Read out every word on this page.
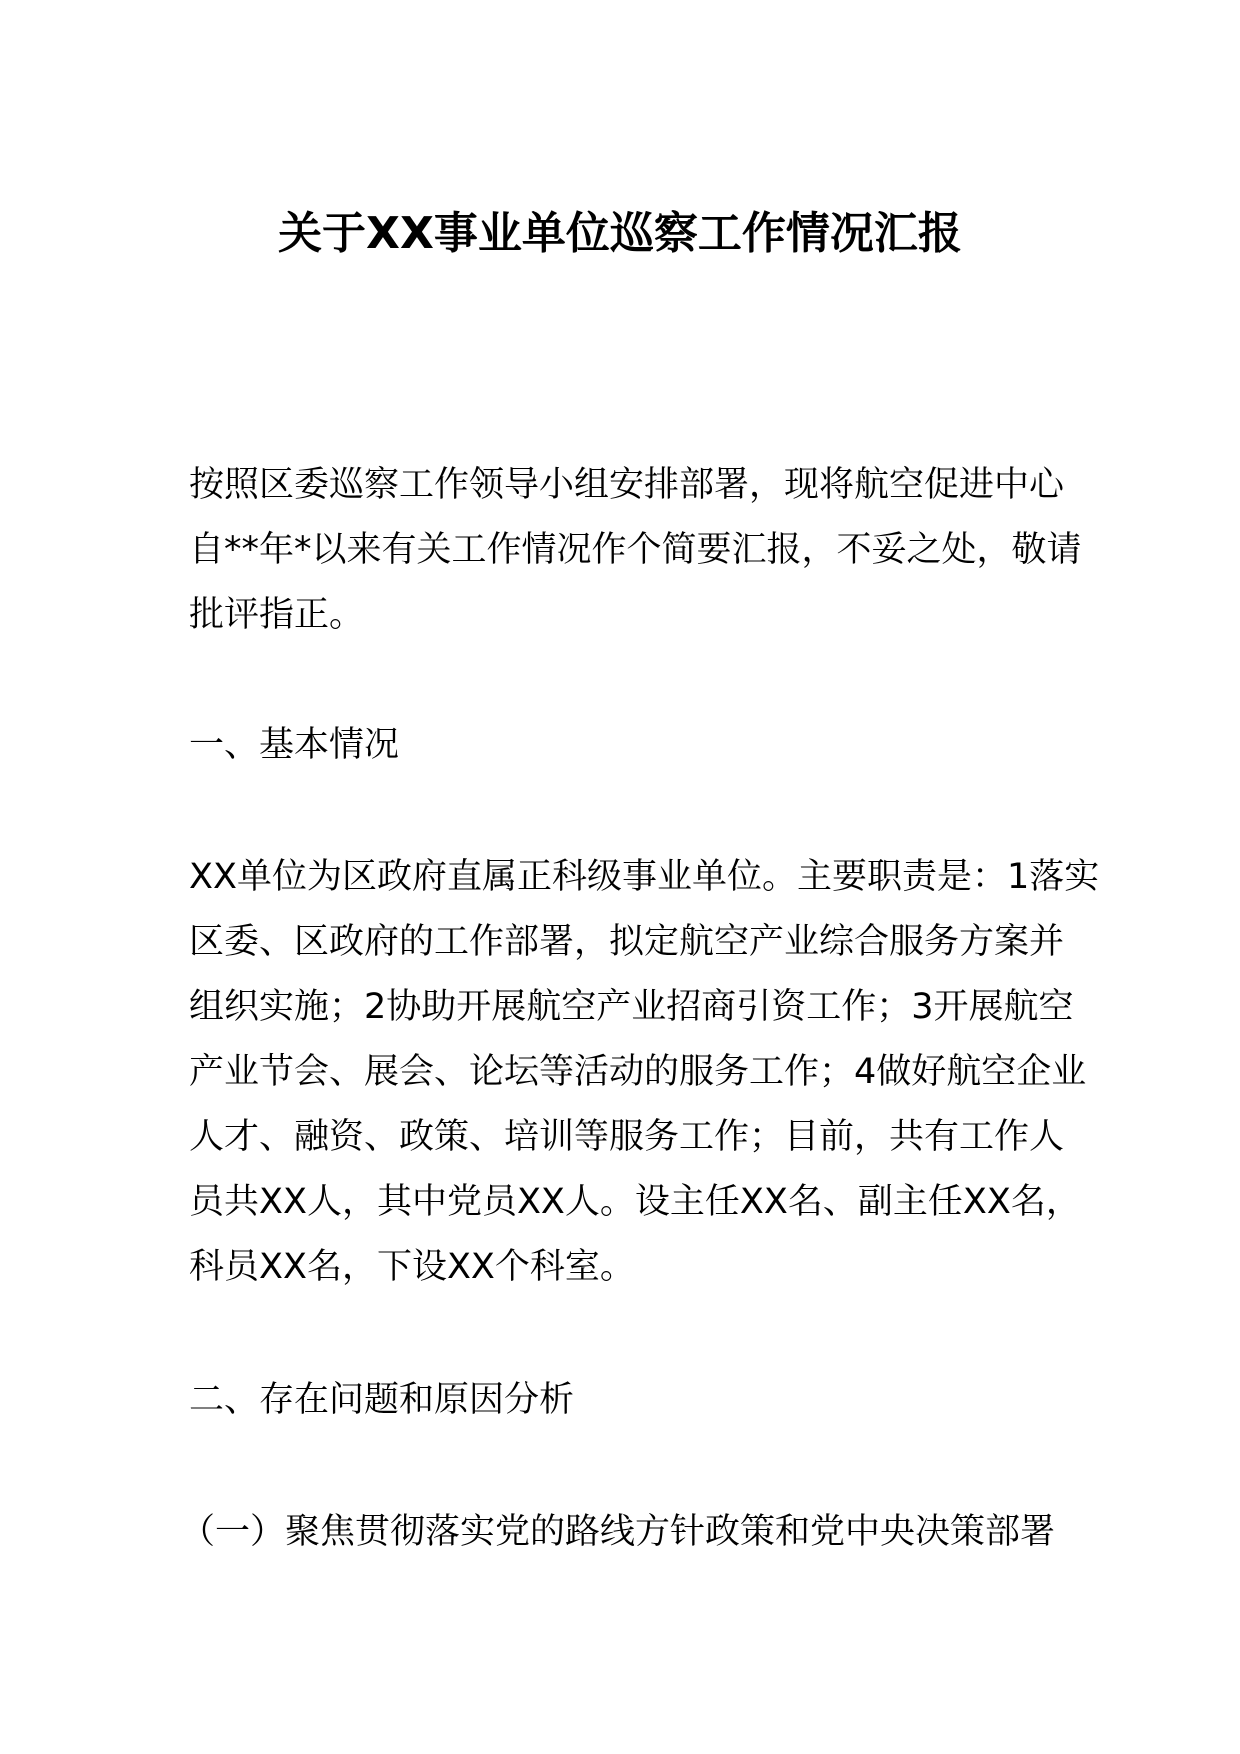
关于XX事业单位巡察工作情况汇报
按照区委巡察工作领导小组安排部署，现将航空促进中心
自**年*以来有关工作情况作个简要汇报，不妥之处，敬请
批评指正。
一、基本情况
XX单位为区政府直属正科级事业单位。主要职责是：1落实
区委、区政府的工作部署，拟定航空产业综合服务方案并
组织实施；2协助开展航空产业招商引资工作；3开展航空
产业节会、展会、论坛等活动的服务工作；4做好航空企业
人才、融资、政策、培训等服务工作；目前，共有工作人
员共XX人，其中党员XX人。设主任XX名、副主任XX名，
科员XX名，下设XX个科室。
二、存在问题和原因分析
（一）聚焦贯彻落实党的路线方针政策和党中央决策部署
